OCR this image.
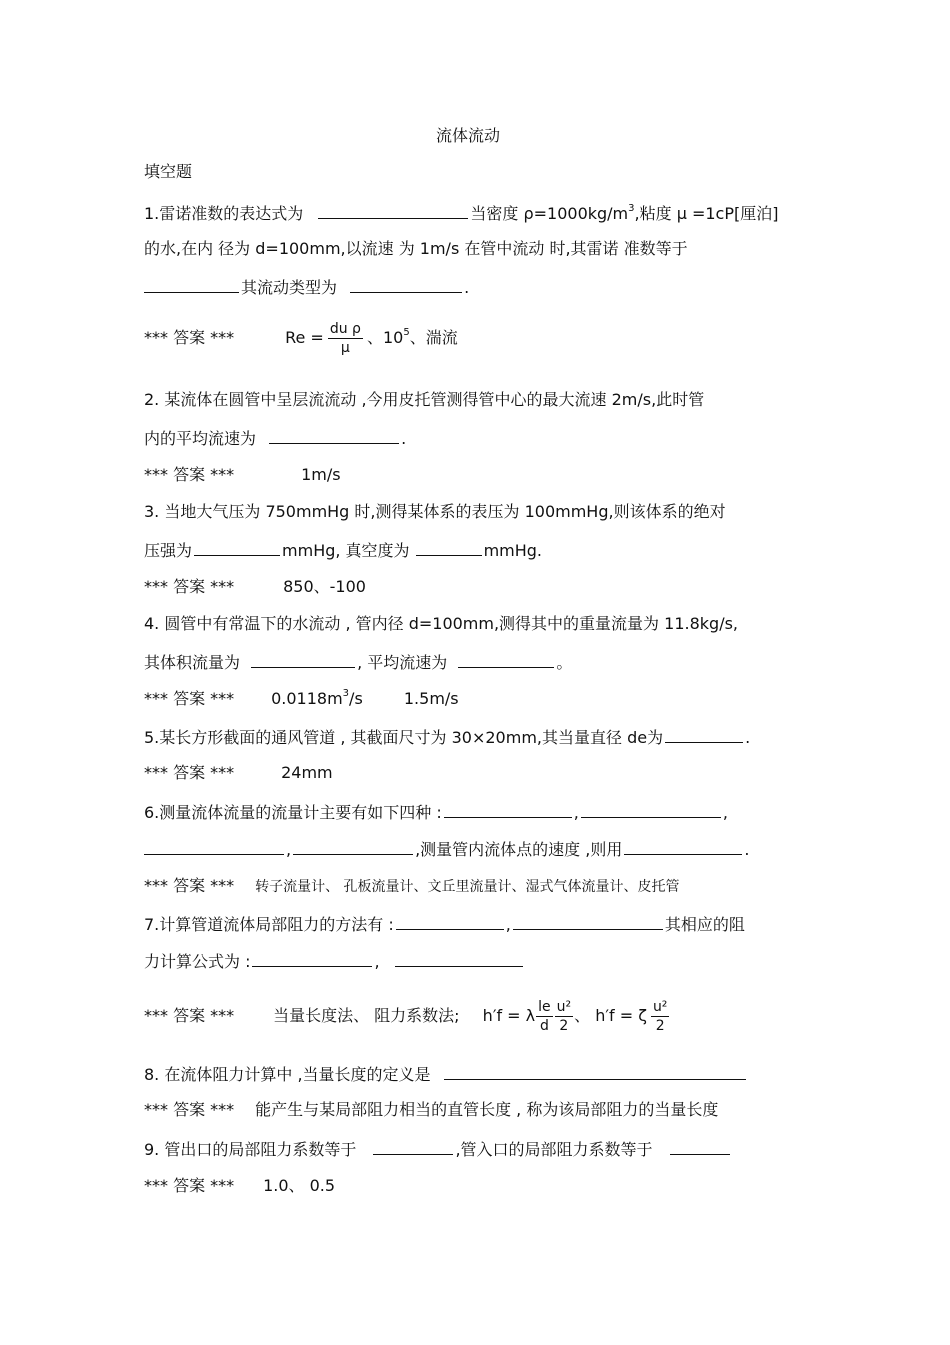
流体流动
填空题
1.雷诺准数的表达式为	当密度 $\rho=1000kg/m^3$,粘度 μ =1cP[厘泊]
的水,在内 径为 d=100mm,以流速 为 1m/s 在管中流动 时,其雷诺 准数等于
其流动类型为	.
*** 答案 ***	$Re = \frac{\text{du ρ}}{\mu}$ 、$10^5$、湍流
2. 某流体在圆管中呈层流流动 ,今用皮托管测得管中心的最大流速 2m/s,此时管
内的平均流速为	.
*** 答案 ***	1m/s
3. 当地大气压为 750mmHg 时,测得某体系的表压为 100mmHg,则该体系的绝对
压强为	mmHg, 真空度为	mmHg.
*** 答案 ***	850、-100
4. 圆管中有常温下的水流动 , 管内径 d=100mm,测得其中的重量流量为 11.8kg/s,
其体积流量为	, 平均流速为	。
*** 答案 *** $0.0118m^3/s$	1.5m/s
5.某长方形截面的通风管道 , 其截面尺寸为 30×20mm,其当量直径 de为	.
*** 答案 ***	24mm
6.测量流体流量的流量计主要有如下四种 :	,	,
,	,测量管内流体点的速度 ,则用	.
*** 答案 *** 转子流量计、 孔板流量计、文丘里流量计、湿式气体流量计、皮托管
7.计算管道流体局部阻力的方法有 :	,	其相应的阻
力计算公式为 :	,
*** 答案 *** 当量长度法、 阻力系数法; h′f = λ $\frac{le}{d} \frac{\text{u²}}{2}$ 、 h′f = ζ $\frac{\text{u²}}{2}$
8. 在流体阻力计算中 ,当量长度的定义是
*** 答案 *** 能产生与某局部阻力相当的直管长度 , 称为该局部阻力的当量长度
9. 管出口的局部阻力系数等于	,管入口的局部阻力系数等于
*** 答案 *** 1.0、 0.5
